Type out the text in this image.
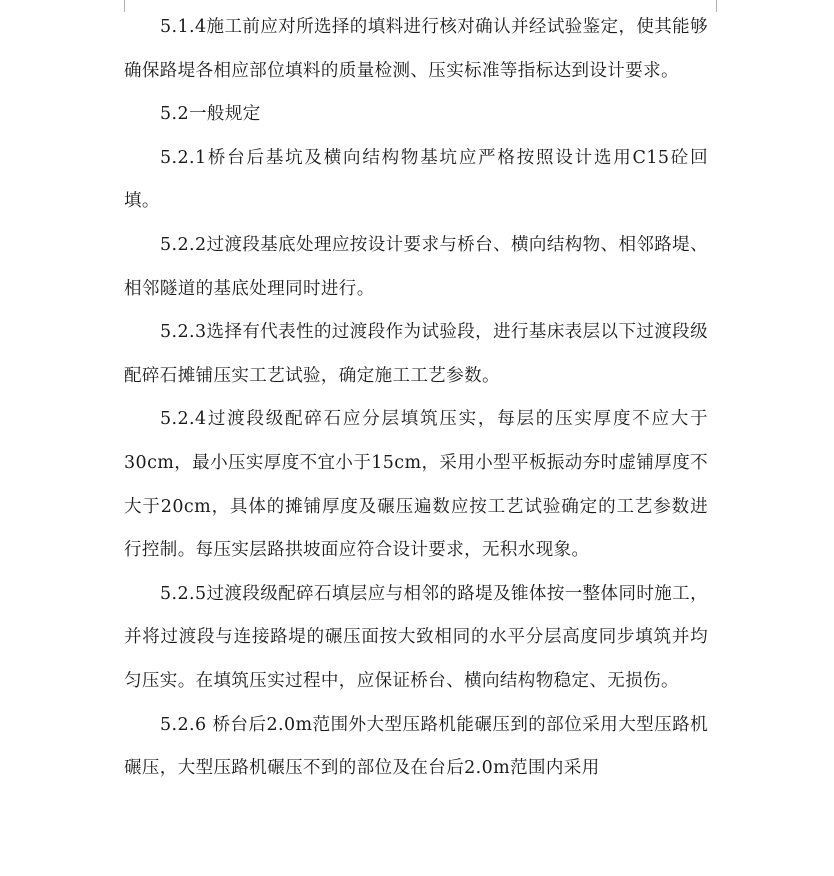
5.1.4施工前应对所选择的填料进行核对确认并经试验鉴定，使其能够确保路堤各相应部位填料的质量检测、压实标准等指标达到设计要求。

5.2一般规定

5.2.1桥台后基坑及横向结构物基坑应严格按照设计选用C15砼回填。

5.2.2过渡段基底处理应按设计要求与桥台、横向结构物、相邻路堤、相邻隧道的基底处理同时进行。

5.2.3选择有代表性的过渡段作为试验段，进行基床表层以下过渡段级配碎石摊铺压实工艺试验，确定施工工艺参数。

5.2.4过渡段级配碎石应分层填筑压实，每层的压实厚度不应大于30cm，最小压实厚度不宜小于15cm，采用小型平板振动夯时虚铺厚度不大于20cm，具体的摊铺厚度及碾压遍数应按工艺试验确定的工艺参数进行控制。每压实层路拱坡面应符合设计要求，无积水现象。

5.2.5过渡段级配碎石填层应与相邻的路堤及锥体按一整体同时施工，并将过渡段与连接路堤的碾压面按大致相同的水平分层高度同步填筑并均匀压实。在填筑压实过程中，应保证桥台、横向结构物稳定、无损伤。

5.2.6 桥台后2.0m范围外大型压路机能碾压到的部位采用大型压路机碾压，大型压路机碾压不到的部位及在台后2.0m范围内采用
